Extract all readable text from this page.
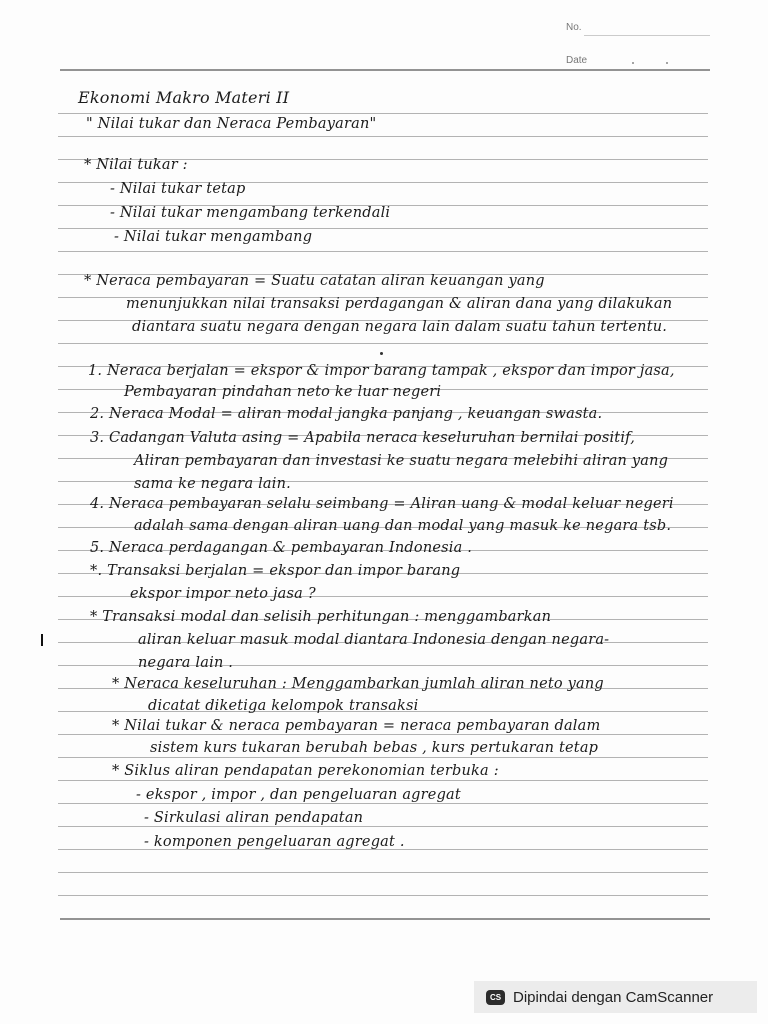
No.
Date
Ekonomi Makro Materi II
" Nilai tukar dan Neraca Pembayaran"
* Nilai tukar :
- Nilai tukar tetap
- Nilai tukar mengambang terkendali
- Nilai tukar mengambang
* Neraca pembayaran = Suatu catatan aliran keuangan yang
menunjukkan nilai transaksi perdagangan & aliran dana yang dilakukan
diantara suatu negara dengan negara lain dalam suatu tahun tertentu.
1. Neraca berjalan = ekspor & impor barang tampak , ekspor dan impor jasa,
Pembayaran pindahan neto ke luar negeri
2. Neraca Modal = aliran modal jangka panjang , keuangan swasta.
3. Cadangan Valuta asing = Apabila neraca keseluruhan bernilai positif,
Aliran pembayaran dan investasi ke suatu negara melebihi aliran yang
sama ke negara lain.
4. Neraca pembayaran selalu seimbang = Aliran uang & modal keluar negeri
adalah sama dengan aliran uang dan modal yang masuk ke negara tsb.
5. Neraca perdagangan & pembayaran Indonesia .
*. Transaksi berjalan = ekspor dan impor barang
ekspor impor neto jasa ?
* Transaksi modal dan selisih perhitungan : menggambarkan
aliran keluar masuk modal diantara Indonesia dengan negara-
negara lain .
* Neraca keseluruhan : Menggambarkan jumlah aliran neto yang
dicatat diketiga kelompok transaksi
* Nilai tukar & neraca pembayaran = neraca pembayaran dalam
sistem kurs tukaran berubah bebas , kurs pertukaran tetap
* Siklus aliran pendapatan perekonomian terbuka :
- ekspor , impor , dan pengeluaran agregat
- Sirkulasi aliran pendapatan
- komponen pengeluaran agregat .
CS Dipindai dengan CamScanner
